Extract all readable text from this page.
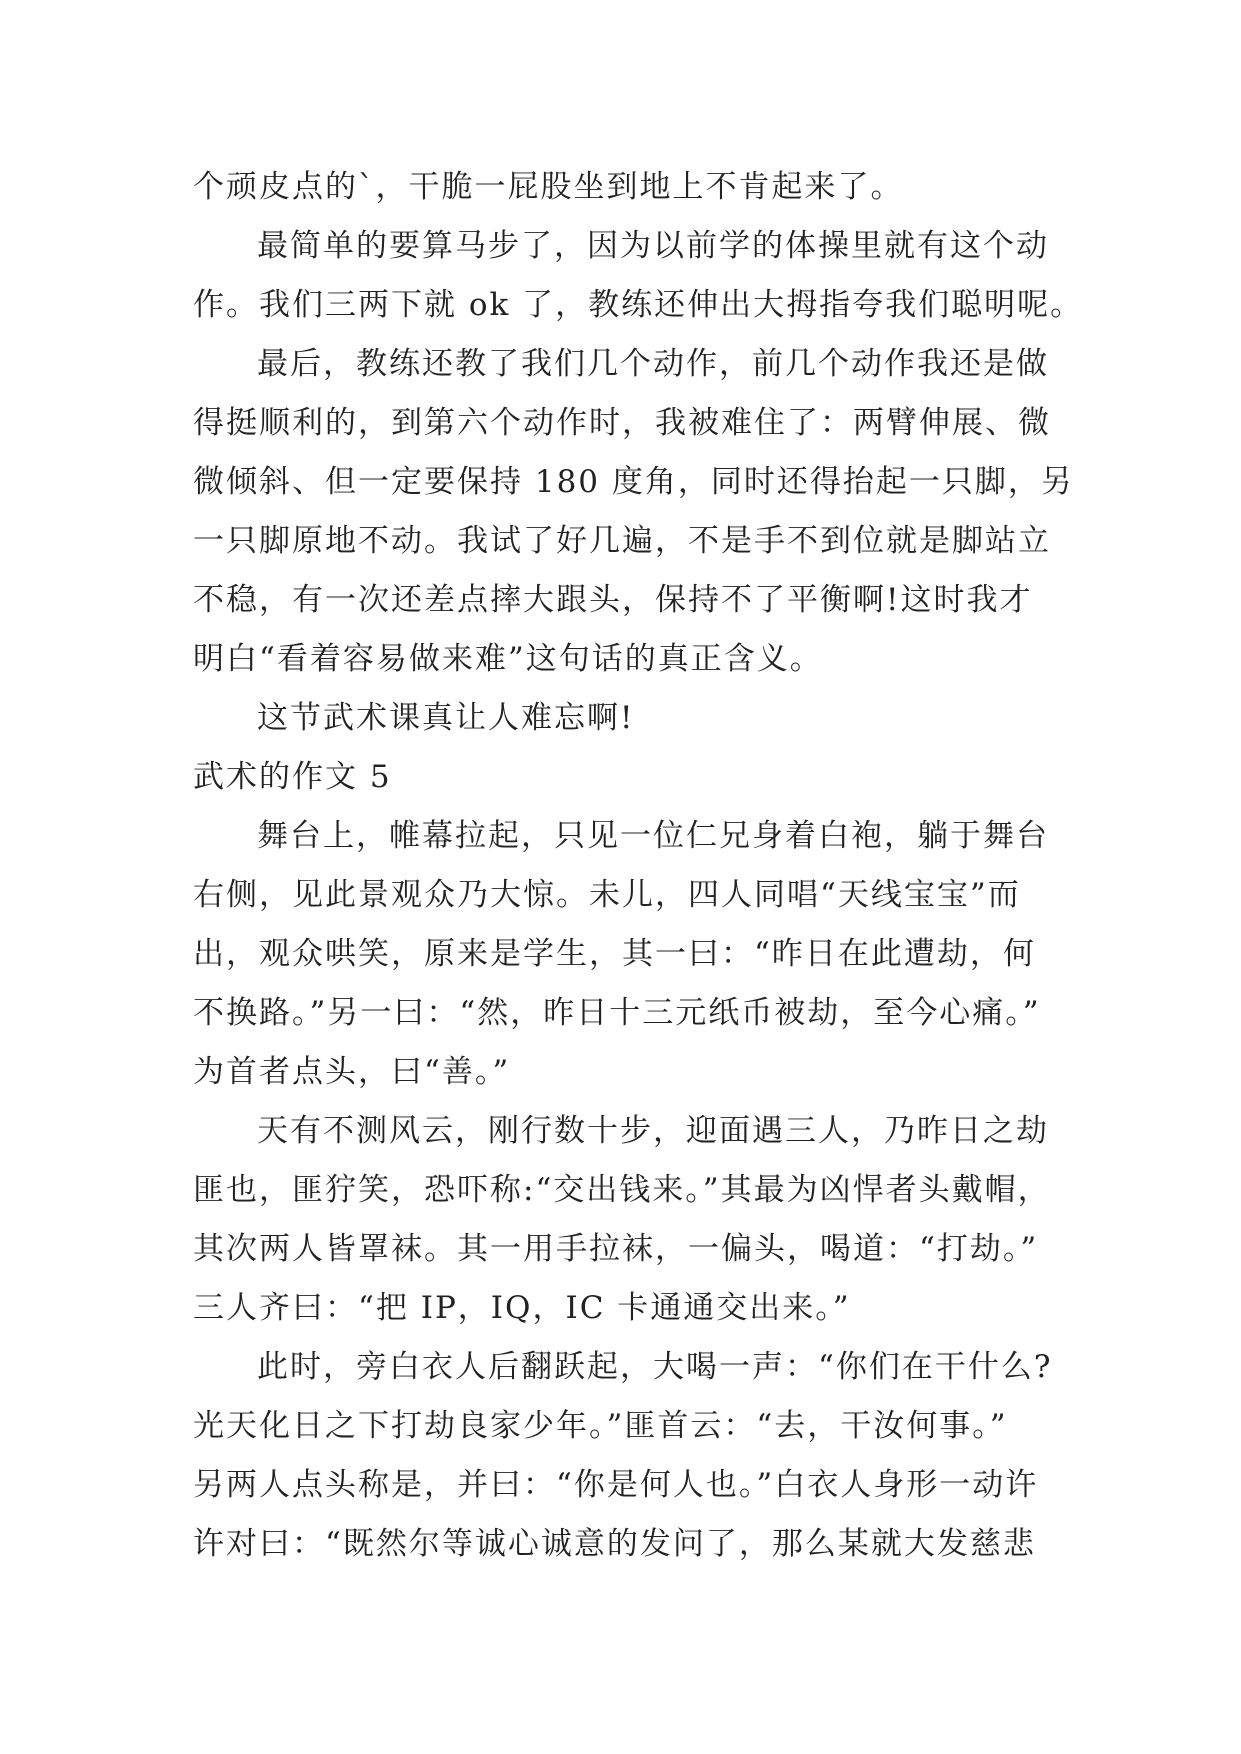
个顽皮点的`，干脆一屁股坐到地上不肯起来了。
最简单的要算马步了，因为以前学的体操里就有这个动
作。我们三两下就 ok 了，教练还伸出大拇指夸我们聪明呢。
最后，教练还教了我们几个动作，前几个动作我还是做
得挺顺利的，到第六个动作时，我被难住了：两臂伸展、微
微倾斜、但一定要保持 180 度角，同时还得抬起一只脚，另
一只脚原地不动。我试了好几遍，不是手不到位就是脚站立
不稳，有一次还差点摔大跟头，保持不了平衡啊!这时我才
明白“看着容易做来难”这句话的真正含义。
这节武术课真让人难忘啊!
武术的作文 5
舞台上，帷幕拉起，只见一位仁兄身着白袍，躺于舞台
右侧，见此景观众乃大惊。未儿，四人同唱“天线宝宝”而
出，观众哄笑，原来是学生，其一曰：“昨日在此遭劫，何
不换路。”另一曰：“然，昨日十三元纸币被劫，至今心痛。”
为首者点头，曰“善。”
天有不测风云，刚行数十步，迎面遇三人，乃昨日之劫
匪也，匪狞笑，恐吓称:“交出钱来。”其最为凶悍者头戴帽，
其次两人皆罩袜。其一用手拉袜，一偏头，喝道：“打劫。”
三人齐曰：“把 IP，IQ，IC 卡通通交出来。”
此时，旁白衣人后翻跃起，大喝一声：“你们在干什么?
光天化日之下打劫良家少年。”匪首云：“去，干汝何事。”
另两人点头称是，并曰：“你是何人也。”白衣人身形一动许
许对曰：“既然尔等诚心诚意的发问了，那么某就大发慈悲
